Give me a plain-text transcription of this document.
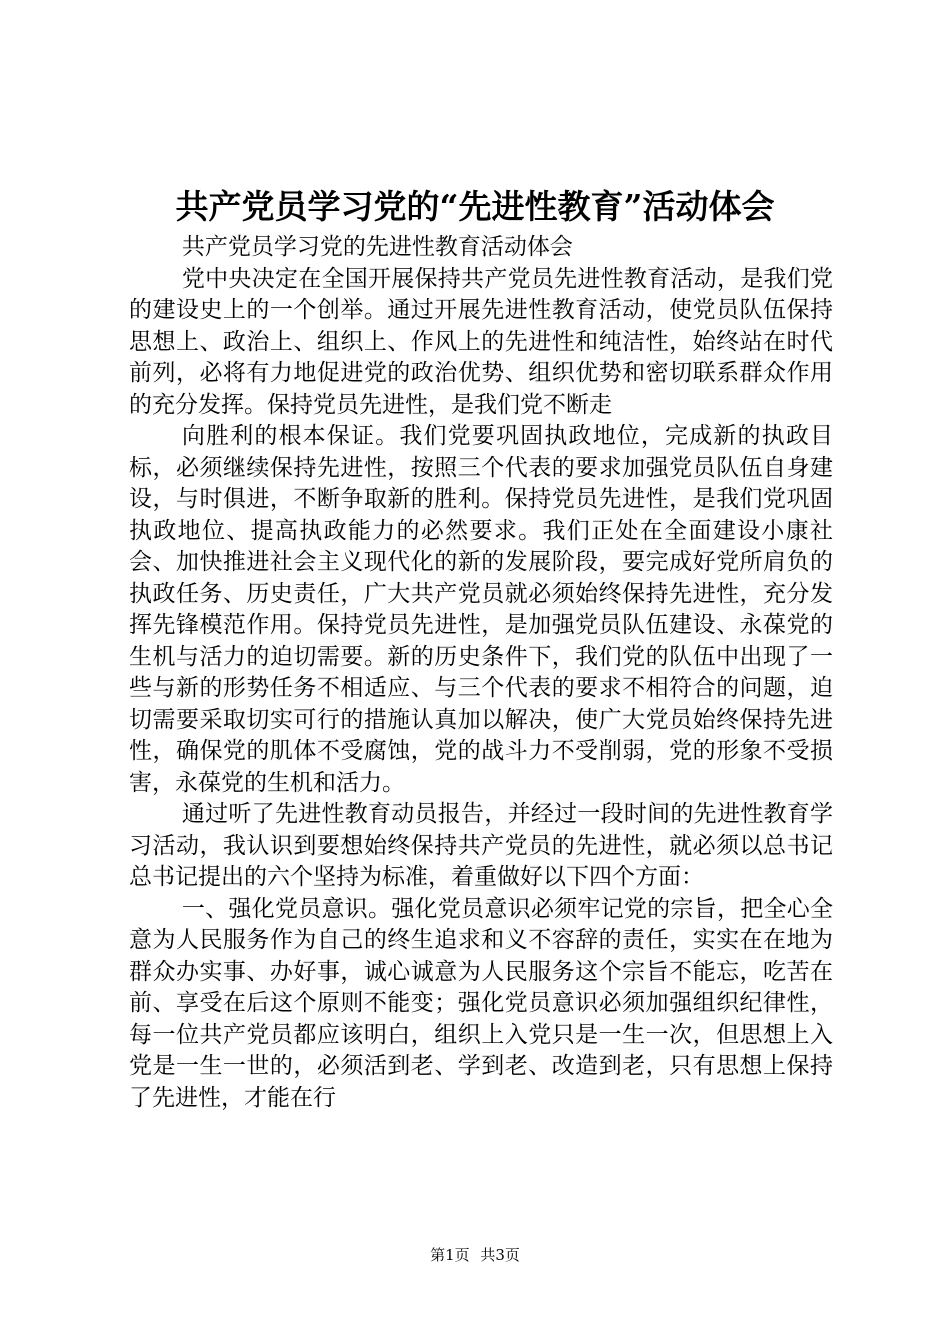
共产党员学习党的“先进性教育”活动体会

共产党员学习党的先进性教育活动体会

党中央决定在全国开展保持共产党员先进性教育活动，是我们党的建设史上的一个创举。通过开展先进性教育活动，使党员队伍保持思想上、政治上、组织上、作风上的先进性和纯洁性，始终站在时代前列，必将有力地促进党的政治优势、组织优势和密切联系群众作用的充分发挥。保持党员先进性，是我们党不断走

向胜利的根本保证。我们党要巩固执政地位，完成新的执政目标，必须继续保持先进性，按照三个代表的要求加强党员队伍自身建设，与时俱进，不断争取新的胜利。保持党员先进性，是我们党巩固执政地位、提高执政能力的必然要求。我们正处在全面建设小康社会、加快推进社会主义现代化的新的发展阶段，要完成好党所肩负的执政任务、历史责任，广大共产党员就必须始终保持先进性，充分发挥先锋模范作用。保持党员先进性，是加强党员队伍建设、永葆党的生机与活力的迫切需要。新的历史条件下，我们党的队伍中出现了一些与新的形势任务不相适应、与三个代表的要求不相符合的问题，迫切需要采取切实可行的措施认真加以解决，使广大党员始终保持先进性，确保党的肌体不受腐蚀，党的战斗力不受削弱，党的形象不受损害，永葆党的生机和活力。

通过听了先进性教育动员报告，并经过一段时间的先进性教育学习活动，我认识到要想始终保持共产党员的先进性，就必须以总书记总书记提出的六个坚持为标准，着重做好以下四个方面：

一、强化党员意识。强化党员意识必须牢记党的宗旨，把全心全意为人民服务作为自己的终生追求和义不容辞的责任，实实在在地为群众办实事、办好事，诚心诚意为人民服务这个宗旨不能忘，吃苦在前、享受在后这个原则不能变；强化党员意识必须加强组织纪律性，每一位共产党员都应该明白，组织上入党只是一生一次，但思想上入党是一生一世的，必须活到老、学到老、改造到老，只有思想上保持了先进性，才能在行

第1页 共3页
